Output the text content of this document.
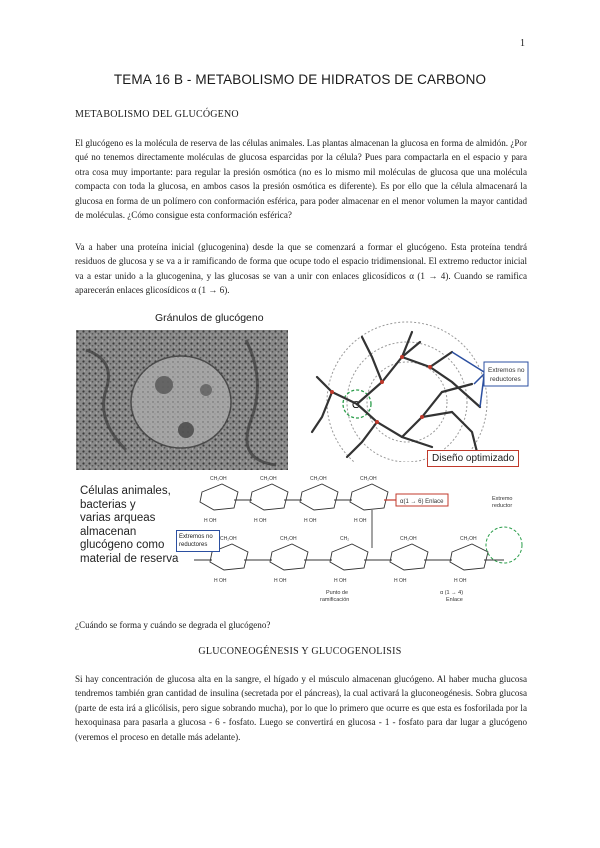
1
TEMA 16 B - METABOLISMO DE HIDRATOS DE CARBONO
METABOLISMO DEL GLUCÓGENO
El glucógeno es la molécula de reserva de las células animales. Las plantas almacenan la glucosa en forma de almidón. ¿Por qué no tenemos directamente moléculas de glucosa esparcidas por la célula? Pues para compactarla en el espacio y para otra cosa muy importante: para regular la presión osmótica (no es lo mismo mil moléculas de glucosa que una molécula compacta con toda la glucosa, en ambos casos la presión osmótica es diferente). Es por ello que la célula almacenará la glucosa en forma de un polímero con conformación esférica, para poder almacenar en el menor volumen la mayor cantidad de moléculas. ¿Cómo consigue esta conformación esférica?
Va a haber una proteína inicial (glucogenina) desde la que se comenzará a formar el glucógeno. Esta proteína tendrá residuos de glucosa y se va a ir ramificando de forma que ocupe todo el espacio tridimensional. El extremo reductor inicial va a estar unido a la glucogenina, y las glucosas se van a unir con enlaces glicosídicos α (1 → 4). Cuando se ramifica aparecerán enlaces glicosídicos α (1 → 6).
Gránulos de glucógeno
G
Extremos no
reductores
Diseño optimizado
Células animales,
bacterias y
varias arqueas
almacenan
glucógeno como
material de reserva
CH₂OH	CH₂OH	CH₂OH	CH₂OH
CH₂OH	CH₂OH	CH₂	CH₂OH	CH₂OH
H OH	H OH	H OH	H OH
H OH	H OH	H OH	H OH	H OH
α(1 → 6) Enlace	Extremo
reductor
Punto de
ramificación
α (1 → 4)
Enlace
Extremos no
reductores
¿Cuándo se forma y cuándo se degrada el glucógeno?
GLUCONEOGÉNESIS Y GLUCOGENOLISIS
Si hay concentración de glucosa alta en la sangre, el hígado y el músculo almacenan glucógeno. Al haber mucha glucosa tendremos también gran cantidad de insulina (secretada por el páncreas), la cual activará la gluconeogénesis. Sobra glucosa (parte de esta irá a glicólisis, pero sigue sobrando mucha), por lo que lo primero que ocurre es que esta es fosforilada por la hexoquinasa para pasarla a glucosa - 6 - fosfato. Luego se convertirá en glucosa - 1 - fosfato para dar lugar a glucógeno (veremos el proceso en detalle más adelante).
